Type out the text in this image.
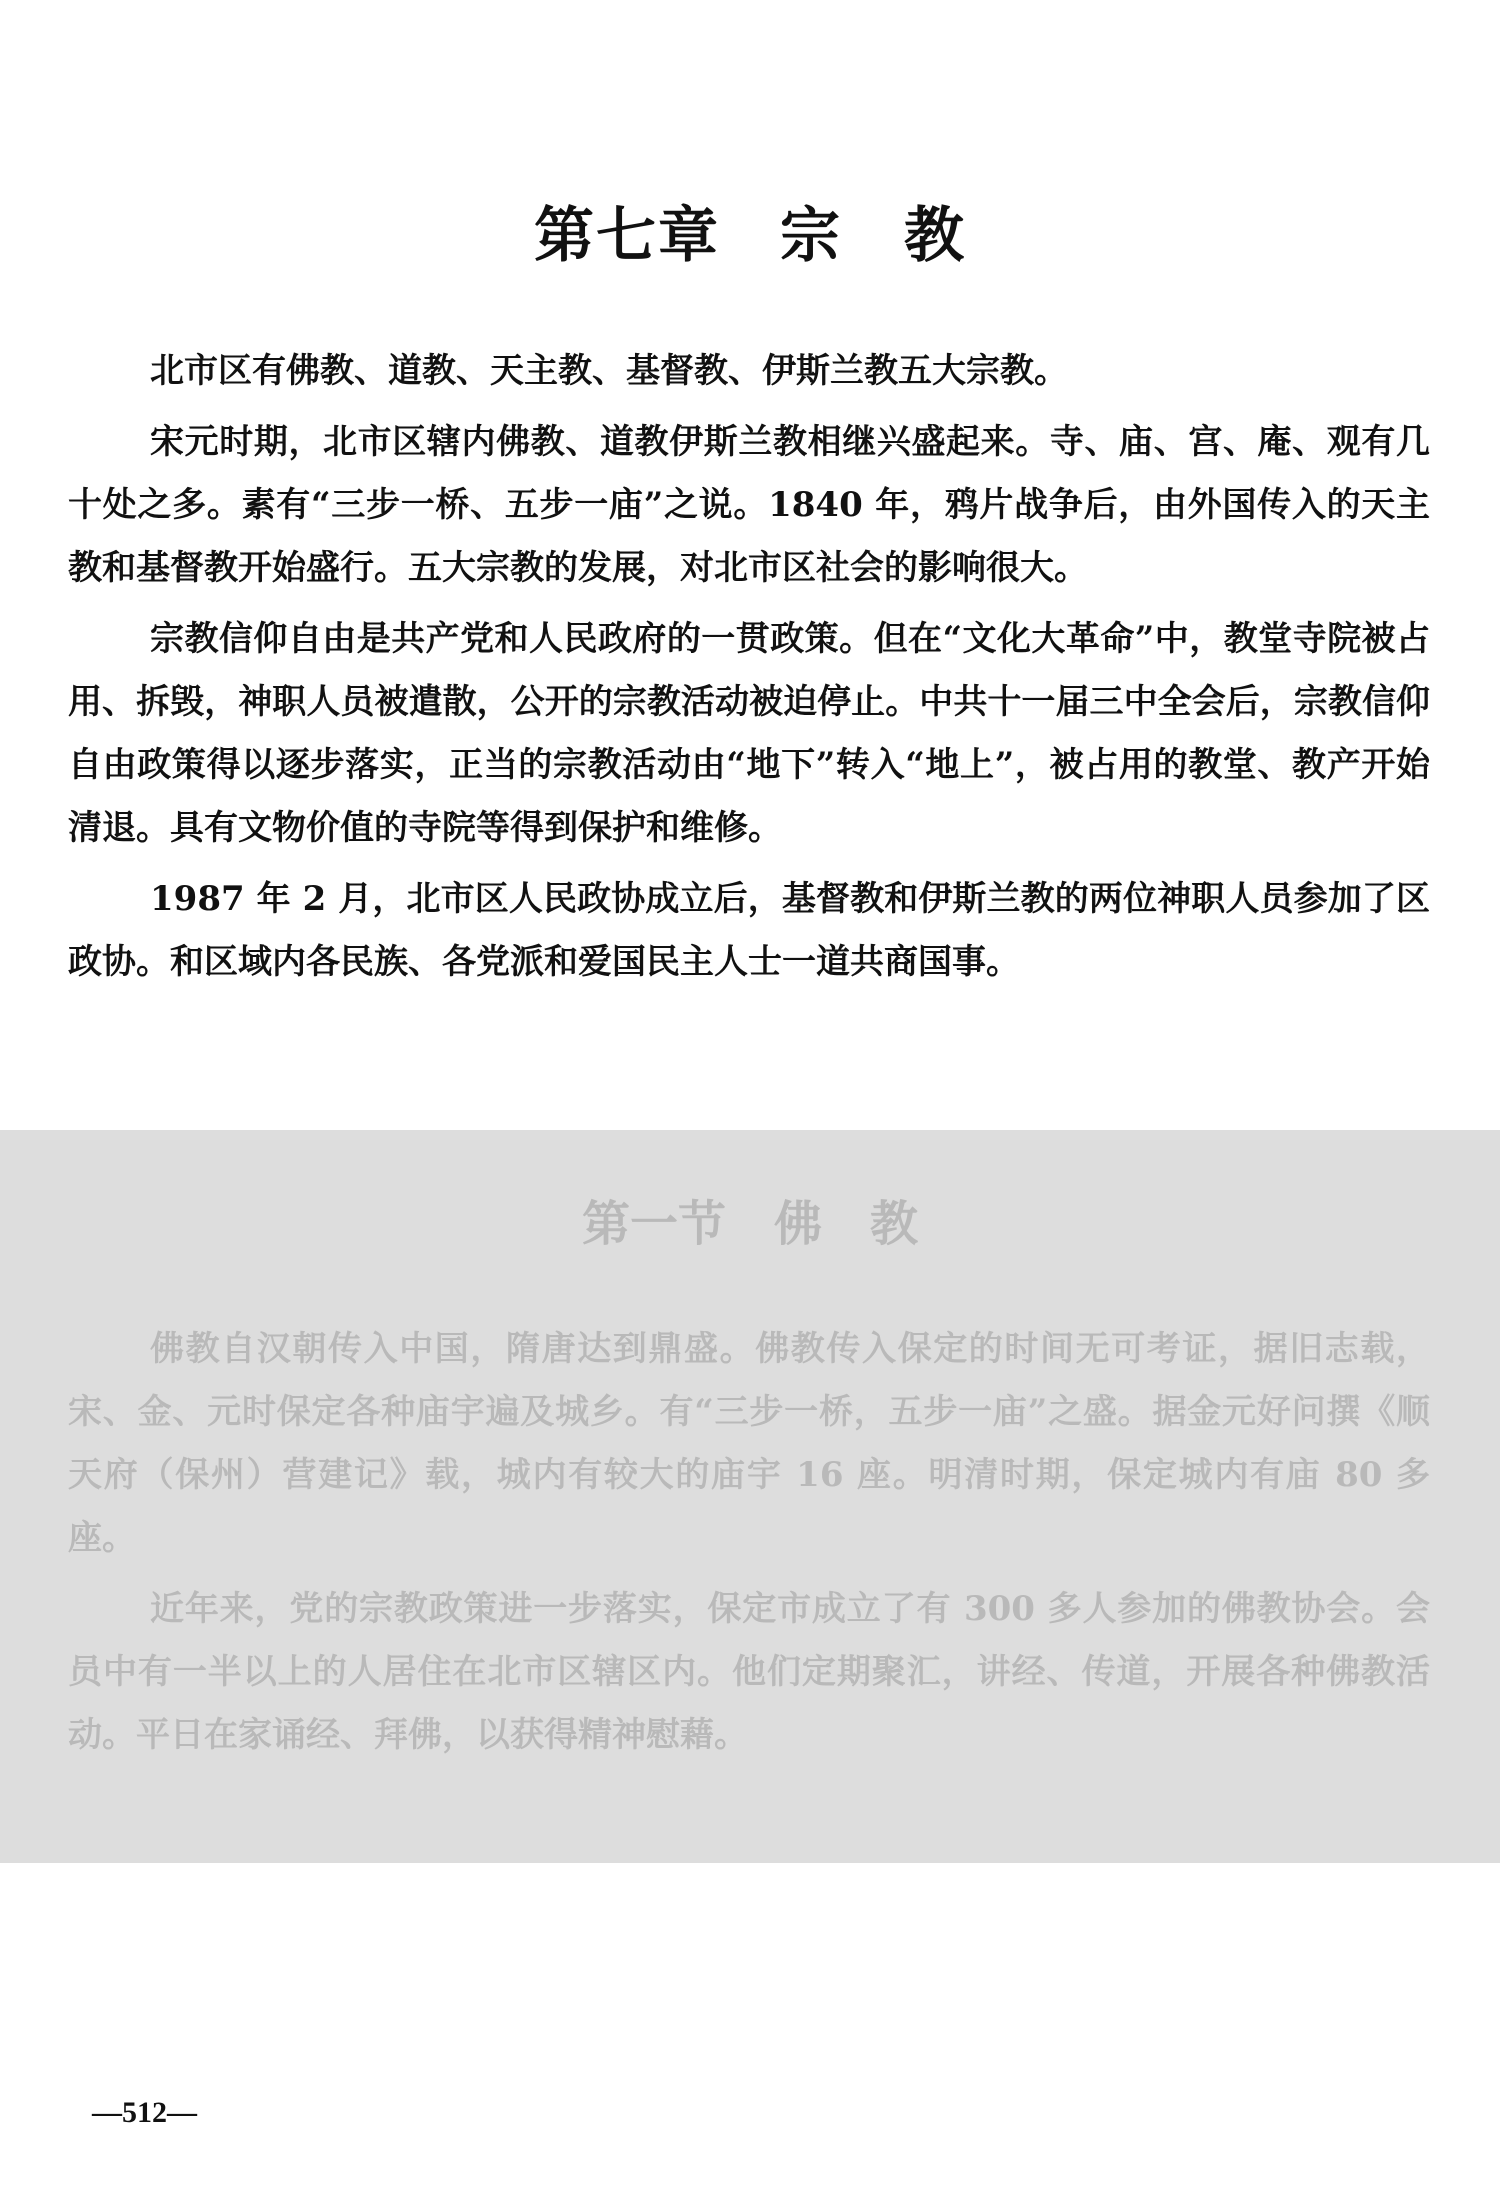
第七章 宗　教

北市区有佛教、道教、天主教、基督教、伊斯兰教五大宗教。

宋元时期，北市区辖内佛教、道教伊斯兰教相继兴盛起来。寺、庙、宫、庵、观有几十处之多。素有“三步一桥、五步一庙”之说。1840 年，鸦片战争后，由外国传入的天主教和基督教开始盛行。五大宗教的发展，对北市区社会的影响很大。

宗教信仰自由是共产党和人民政府的一贯政策。但在“文化大革命”中，教堂寺院被占用、拆毁，神职人员被遣散，公开的宗教活动被迫停止。中共十一届三中全会后，宗教信仰自由政策得以逐步落实，正当的宗教活动由“地下”转入“地上”，被占用的教堂、教产开始清退。具有文物价值的寺院等得到保护和维修。

1987 年 2 月，北市区人民政协成立后，基督教和伊斯兰教的两位神职人员参加了区政协。和区域内各民族、各党派和爱国民主人士一道共商国事。

第一节　佛　教

佛教自汉朝传入中国，隋唐达到鼎盛。佛教传入保定的时间无可考证，据旧志载，宋、金、元时保定各种庙宇遍及城乡。有“三步一桥，五步一庙”之盛。据金元好问撰《顺天府（保州）营建记》载，城内有较大的庙宇 16 座。明清时期，保定城内有庙 80 多座。

近年来，党的宗教政策进一步落实，保定市成立了有 300 多人参加的佛教协会。会员中有一半以上的人居住在北市区辖区内。他们定期聚汇，讲经、传道，开展各种佛教活动。平日在家诵经、拜佛，以获得精神慰藉。

—512—
